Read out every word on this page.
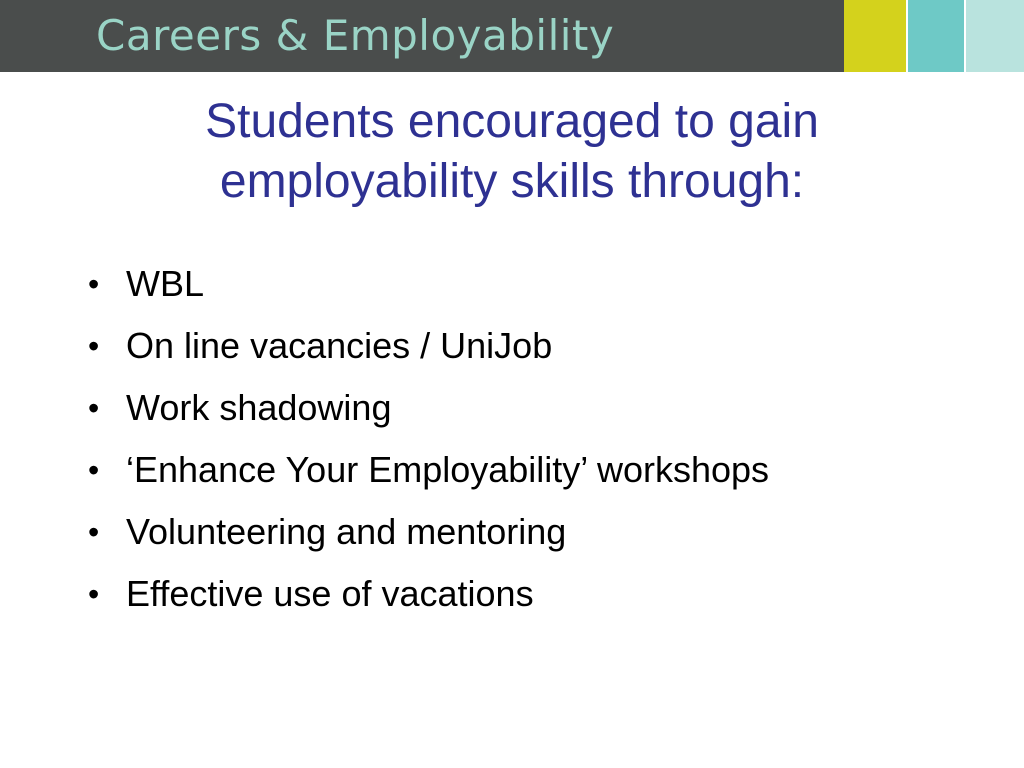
Careers & Employability
Students encouraged to gain employability skills through:
• WBL
• On line vacancies / UniJob
• Work shadowing
• ‘Enhance Your Employability’ workshops
• Volunteering and mentoring
• Effective use of vacations
